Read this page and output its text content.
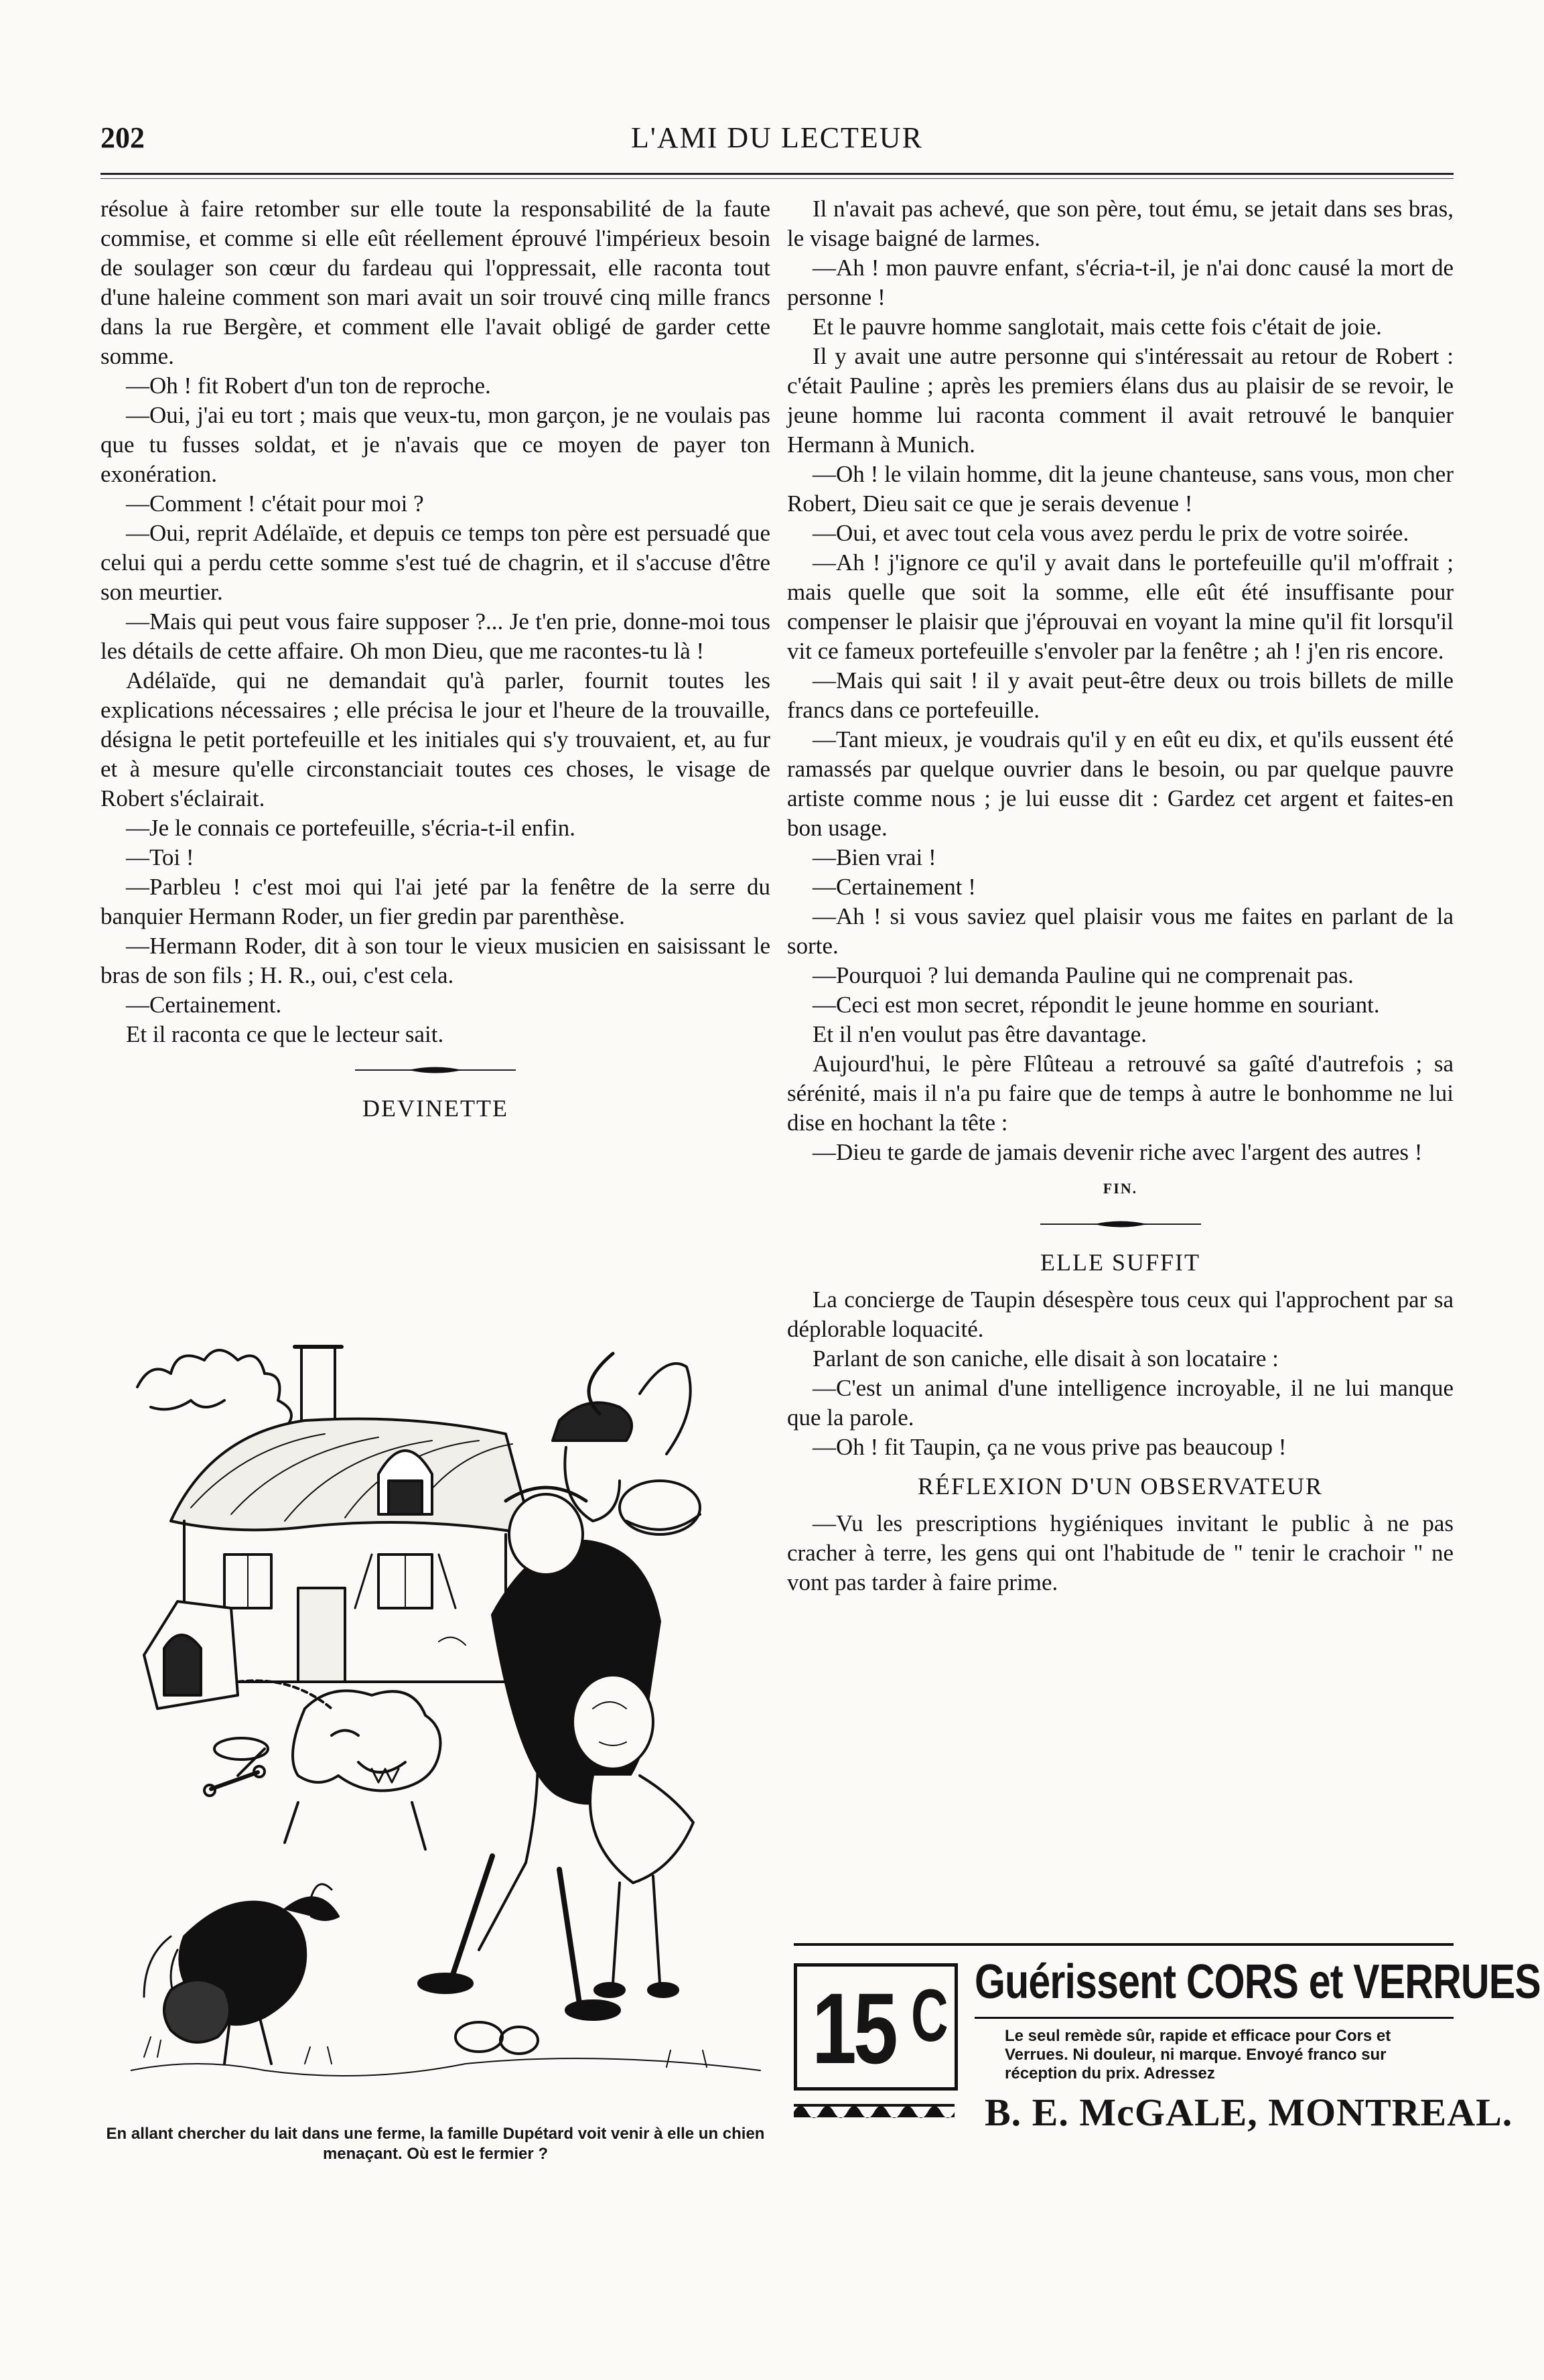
L'AMI DU LECTEUR
202

résolue à faire retomber sur elle toute la responsabilité de la faute commise, et comme si elle eût réellement éprouvé l'impérieux besoin de soulager son cœur du fardeau qui l'oppressait, elle raconta tout d'une haleine comment son mari avait un soir trouvé cinq mille francs dans la rue Bergère, et comment elle l'avait obligé de garder cette somme.

—Oh ! fit Robert d'un ton de reproche.

—Oui, j'ai eu tort ; mais que veux-tu, mon garçon, je ne voulais pas que tu fusses soldat, et je n'avais que ce moyen de payer ton exonération.

—Comment ! c'était pour moi ?

—Oui, reprit Adélaïde, et depuis ce temps ton père est persuadé que celui qui a perdu cette somme s'est tué de chagrin, et il s'accuse d'être son meurtier.

—Mais qui peut vous faire supposer ?... Je t'en prie, donne-moi tous les détails de cette affaire. Oh mon Dieu, que me racontes-tu là !

Adélaïde, qui ne demandait qu'à parler, fournit toutes les explications nécessaires ; elle précisa le jour et l'heure de la trouvaille, désigna le petit portefeuille et les initiales qui s'y trouvaient, et, au fur et à mesure qu'elle circonstanciait toutes ces choses, le visage de Robert s'éclairait.

—Je le connais ce portefeuille, s'écria-t-il enfin.

—Toi !

—Parbleu ! c'est moi qui l'ai jeté par la fenêtre de la serre du banquier Hermann Roder, un fier gredin par parenthèse.

—Hermann Roder, dit à son tour le vieux musicien en saisissant le bras de son fils ; H. R., oui, c'est cela.

—Certainement.

Et il raconta ce que le lecteur sait.

DEVINETTE

En allant chercher du lait dans une ferme, la famille Dupétard voit venir à elle un chien menaçant. Où est le fermier ?

Il n'avait pas achevé, que son père, tout ému, se jetait dans ses bras, le visage baigné de larmes.

—Ah ! mon pauvre enfant, s'écria-t-il, je n'ai donc causé la mort de personne !

Et le pauvre homme sanglotait, mais cette fois c'était de joie.

Il y avait une autre personne qui s'intéressait au retour de Robert : c'était Pauline ; après les premiers élans dus au plaisir de se revoir, le jeune homme lui raconta comment il avait retrouvé le banquier Hermann à Munich.

—Oh ! le vilain homme, dit la jeune chanteuse, sans vous, mon cher Robert, Dieu sait ce que je serais devenue !

—Oui, et avec tout cela vous avez perdu le prix de votre soirée.

—Ah ! j'ignore ce qu'il y avait dans le portefeuille qu'il m'offrait ; mais quelle que soit la somme, elle eût été insuffisante pour compenser le plaisir que j'éprouvai en voyant la mine qu'il fit lorsqu'il vit ce fameux portefeuille s'envoler par la fenêtre ; ah ! j'en ris encore.

—Mais qui sait ! il y avait peut-être deux ou trois billets de mille francs dans ce portefeuille.

—Tant mieux, je voudrais qu'il y en eût eu dix, et qu'ils eussent été ramassés par quelque ouvrier dans le besoin, ou par quelque pauvre artiste comme nous ; je lui eusse dit : Gardez cet argent et faites-en bon usage.

—Bien vrai !

—Certainement !

—Ah ! si vous saviez quel plaisir vous me faites en parlant de la sorte.

—Pourquoi ? lui demanda Pauline qui ne comprenait pas.

—Ceci est mon secret, répondit le jeune homme en souriant.

Et il n'en voulut pas être davantage.

Aujourd'hui, le père Flûteau a retrouvé sa gaîté d'autrefois ; sa sérénité, mais il n'a pu faire que de temps à autre le bonhomme ne lui dise en hochant la tête :

—Dieu te garde de jamais devenir riche avec l'argent des autres !

FIN.

ELLE SUFFIT

La concierge de Taupin désespère tous ceux qui l'approchent par sa déplorable loquacité.

Parlant de son caniche, elle disait à son locataire :

—C'est un animal d'une intelligence incroyable, il ne lui manque que la parole.

—Oh ! fit Taupin, ça ne vous prive pas beaucoup !

RÉFLEXION D'UN OBSERVATEUR

—Vu les prescriptions hygiéniques invitant le public à ne pas cracher à terre, les gens qui ont l'habitude de " tenir le crachoir " ne vont pas tarder à faire prime.

15 C Guérissent CORS et VERRUES
Le seul remède sûr, rapide et efficace pour Cors et Verrues. Ni douleur, ni marque. Envoyé franco sur réception du prix. Adressez
B. E. McGALE, MONTREAL.
